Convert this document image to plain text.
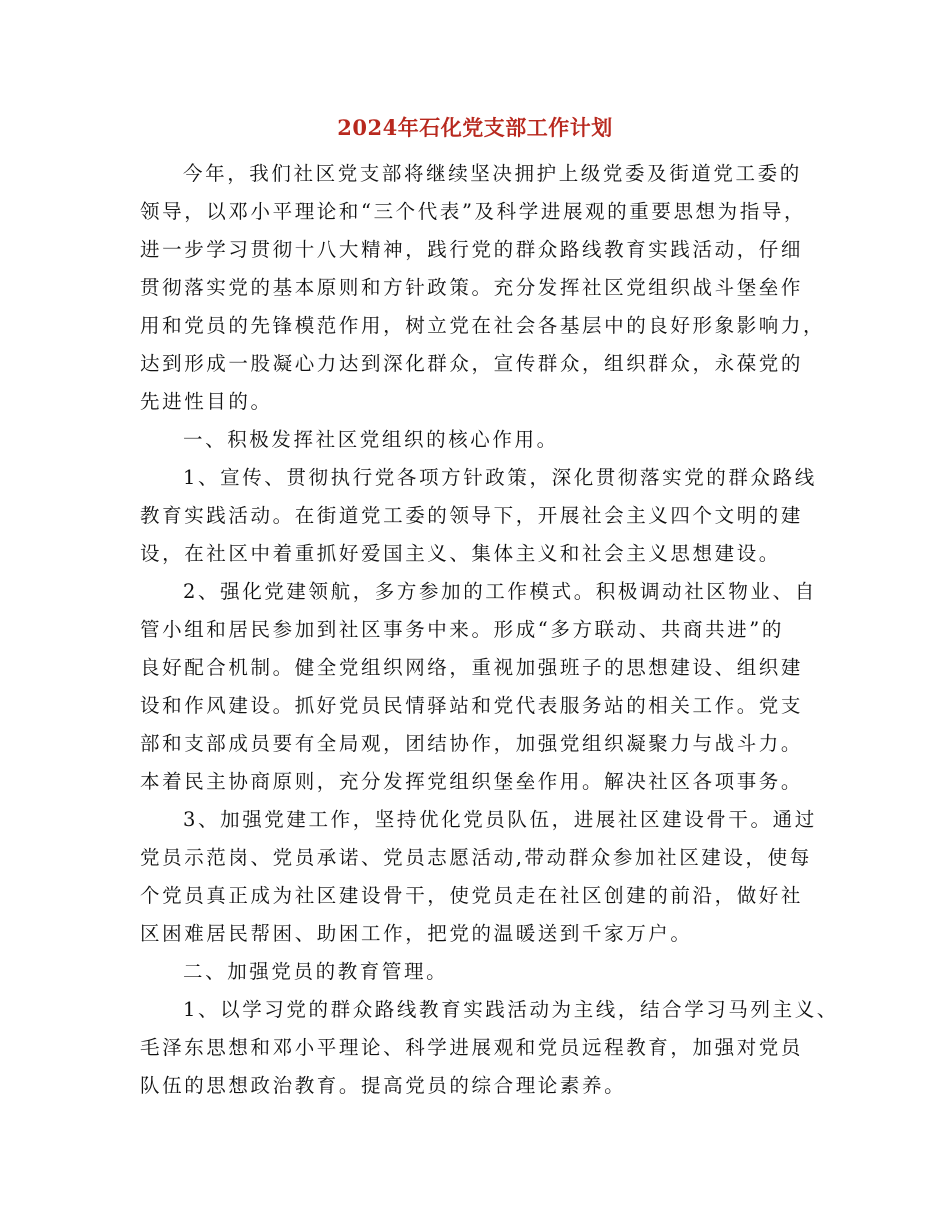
2024年石化党支部工作计划
今年，我们社区党支部将继续坚决拥护上级党委及街道党工委的
领导，以邓小平理论和“三个代表”及科学进展观的重要思想为指导，
进一步学习贯彻十八大精神，践行党的群众路线教育实践活动，仔细
贯彻落实党的基本原则和方针政策。充分发挥社区党组织战斗堡垒作
用和党员的先锋模范作用，树立党在社会各基层中的良好形象影响力，
达到形成一股凝心力达到深化群众，宣传群众，组织群众，永葆党的
先进性目的。
一、积极发挥社区党组织的核心作用。
1、宣传、贯彻执行党各项方针政策，深化贯彻落实党的群众路线
教育实践活动。在街道党工委的领导下，开展社会主义四个文明的建
设，在社区中着重抓好爱国主义、集体主义和社会主义思想建设。
2、强化党建领航，多方参加的工作模式。积极调动社区物业、自
管小组和居民参加到社区事务中来。形成“多方联动、共商共进”的
良好配合机制。健全党组织网络，重视加强班子的思想建设、组织建
设和作风建设。抓好党员民情驿站和党代表服务站的相关工作。党支
部和支部成员要有全局观，团结协作，加强党组织凝聚力与战斗力。
本着民主协商原则，充分发挥党组织堡垒作用。解决社区各项事务。
3、加强党建工作，坚持优化党员队伍，进展社区建设骨干。通过
党员示范岗、党员承诺、党员志愿活动,带动群众参加社区建设，使每
个党员真正成为社区建设骨干，使党员走在社区创建的前沿，做好社
区困难居民帮困、助困工作，把党的温暖送到千家万户。
二、加强党员的教育管理。
1、以学习党的群众路线教育实践活动为主线，结合学习马列主义、
毛泽东思想和邓小平理论、科学进展观和党员远程教育，加强对党员
队伍的思想政治教育。提高党员的综合理论素养。
